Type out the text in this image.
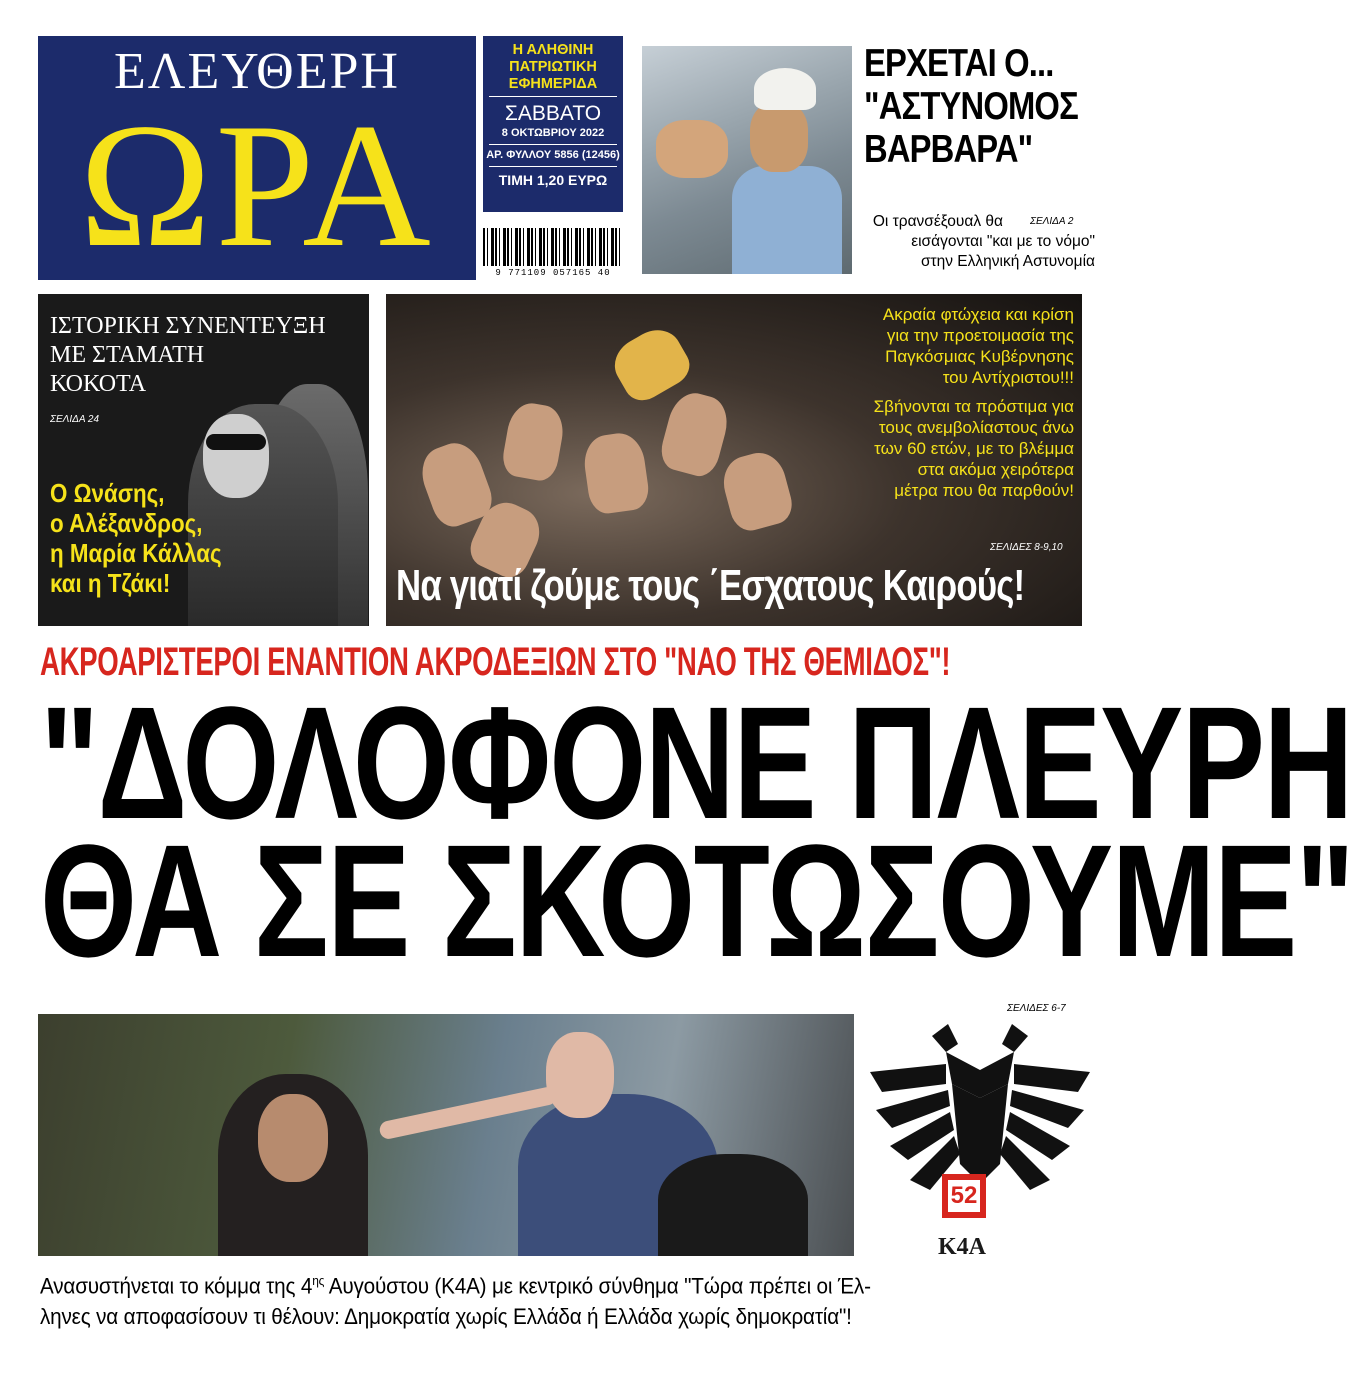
ΕΛΕΥΘΕΡΗ
ΩΡΑ
Η ΑΛΗΘΙΝΗ
ΠΑΤΡΙΩΤΙΚΗ
ΕΦΗΜΕΡΙΔΑ
ΣΑΒΒΑΤΟ
8 ΟΚΤΩΒΡΙΟΥ 2022
ΑΡ. ΦΥΛΛΟΥ 5856 (12456)
ΤΙΜΗ 1,20 ΕΥΡΩ
9 771109 057165 40
ΕΡΧΕΤΑΙ Ο...
"ΑΣΤΥΝΟΜΟΣ
ΒΑΡΒΑΡΑ"
Οι τρανσέξουαλ θα
εισάγονται "και με το νόμο"
στην Ελληνική Αστυνομία
ΣΕΛΙΔΑ 2
ΙΣΤΟΡΙΚΗ ΣΥΝΕΝΤΕΥΞΗ
ΜΕ ΣΤΑΜΑΤΗ
ΚΟΚΟΤΑ
ΣΕΛΙΔΑ 24
Ο Ωνάσης,
ο Αλέξανδρος,
η Μαρία Κάλλας
και η Τζάκι!

Ακραία φτώχεια και κρίση
για την προετοιμασία της
Παγκόσμιας Κυβέρνησης
του Αντίχριστου!!!

Σβήνονται τα πρόστιμα για
τους ανεμβολίαστους άνω
των 60 ετών, με το βλέμμα
στα ακόμα χειρότερα
μέτρα που θα παρθούν!

ΣΕΛΙΔΕΣ 8-9,10
Να γιατί ζούμε τους ΄Εσχατους Καιρούς!
ΑΚΡΟΑΡΙΣΤΕΡΟΙ ΕΝΑΝΤΙΟΝ ΑΚΡΟΔΕΞΙΩΝ ΣΤΟ "ΝΑΟ ΤΗΣ ΘΕΜΙΔΟΣ"!
"ΔΟΛΟΦΟΝΕ ΠΛΕΥΡΗ
ΘΑ ΣΕ ΣΚΟΤΩΣΟΥΜΕ"
ΣΕΛΙΔΕΣ 6-7
52
K4A
Ανασυστήνεται το κόμμα της $4^{\eta\varsigma}$ Αυγούστου (Κ4Α) με κεντρικό σύνθημα "Τώρα πρέπει οι Έλ-
ληνες να αποφασίσουν τι θέλουν: Δημοκρατία χωρίς Ελλάδα ή Ελλάδα χωρίς δημοκρατία"!
